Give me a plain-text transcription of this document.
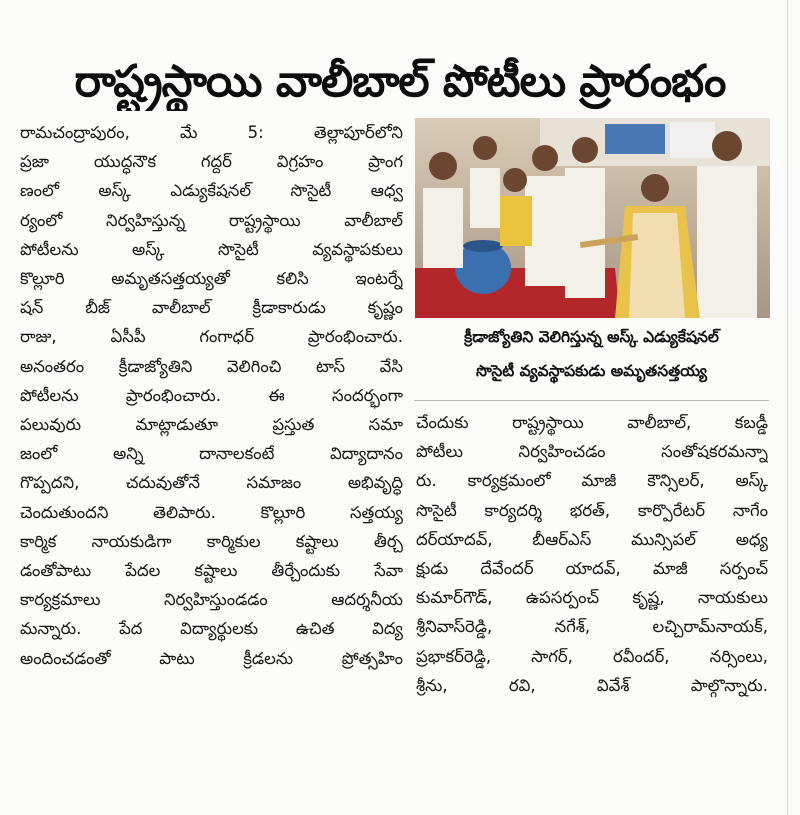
రాష్ట్రస్థాయి వాలీబాల్ పోటీలు ప్రారంభం

రామచంద్రాపురం, మే 5: తెల్లాపూర్‌లోని
ప్రజా యుద్ధనౌక గద్దర్ విగ్రహం ప్రాంగ
ణంలో అస్క్ ఎడ్యుకేషనల్ సొసైటీ ఆధ్వ
ర్యంలో నిర్వహిస్తున్న రాష్ట్రస్థాయి వాలీబాల్
పోటీలను అస్క్ సొసైటీ వ్యవస్థాపకులు
కొల్లూరి అమృతసత్తయ్యతో కలిసి ఇంటర్నే
షన్ బీజ్ వాలీబాల్ క్రీడాకారుడు కృష్ణం
రాజు, ఏసీపీ గంగాధర్ ప్రారంభించారు.
అనంతరం క్రీడాజ్యోతిని వెలిగించి టాస్ వేసి
పోటీలను ప్రారంభించారు. ఈ సందర్భంగా
పలువురు మాట్లాడుతూ ప్రస్తుత సమా
జంలో అన్ని దానాలకంటే విద్యాదానం
గొప్పదని, చదువుతోనే సమాజం అభివృద్ధి
చెందుతుందని తెలిపారు. కొల్లూరి సత్తయ్య
కార్మిక నాయకుడిగా కార్మికుల కష్టాలు తీర్చ
డంతోపాటు పేదల కష్టాలు తీర్చేందుకు సేవా
కార్యక్రమాలు నిర్వహిస్తుండడం ఆదర్శనీయ
మన్నారు. పేద విద్యార్థులకు ఉచిత విద్య
అందించడంతో పాటు క్రీడలను ప్రోత్సహిం

క్రీడాజ్యోతిని వెలిగిస్తున్న అస్క్ ఎడ్యుకేషనల్
సొసైటీ వ్యవస్థాపకుడు అమృతసత్తయ్య

చేందుకు రాష్ట్రస్థాయి వాలీబాల్, కబడ్డీ
పోటీలు నిర్వహించడం సంతోషకరమన్నా
రు. కార్యక్రమంలో మాజీ కౌన్సిలర్, అస్క్
సొసైటీ కార్యదర్శి భరత్, కార్పొరేటర్ నాగేం
దర్‌యాదవ్, బీఆర్ఎస్ మున్సిపల్ అధ్య
క్షుడు దేవేందర్ యాదవ్, మాజీ సర్పంచ్
కుమార్‌గౌడ్, ఉపసర్పంచ్ కృష్ణ, నాయకులు
శ్రీనివాస్‌రెడ్డి, నగేశ్, లచ్చిరామ్‌నాయక్,
ప్రభాకర్‌రెడ్డి, సాగర్, రవీందర్, నర్సింలు,
శ్రీను, రవి, వివేశ్ పాల్గొన్నారు.
